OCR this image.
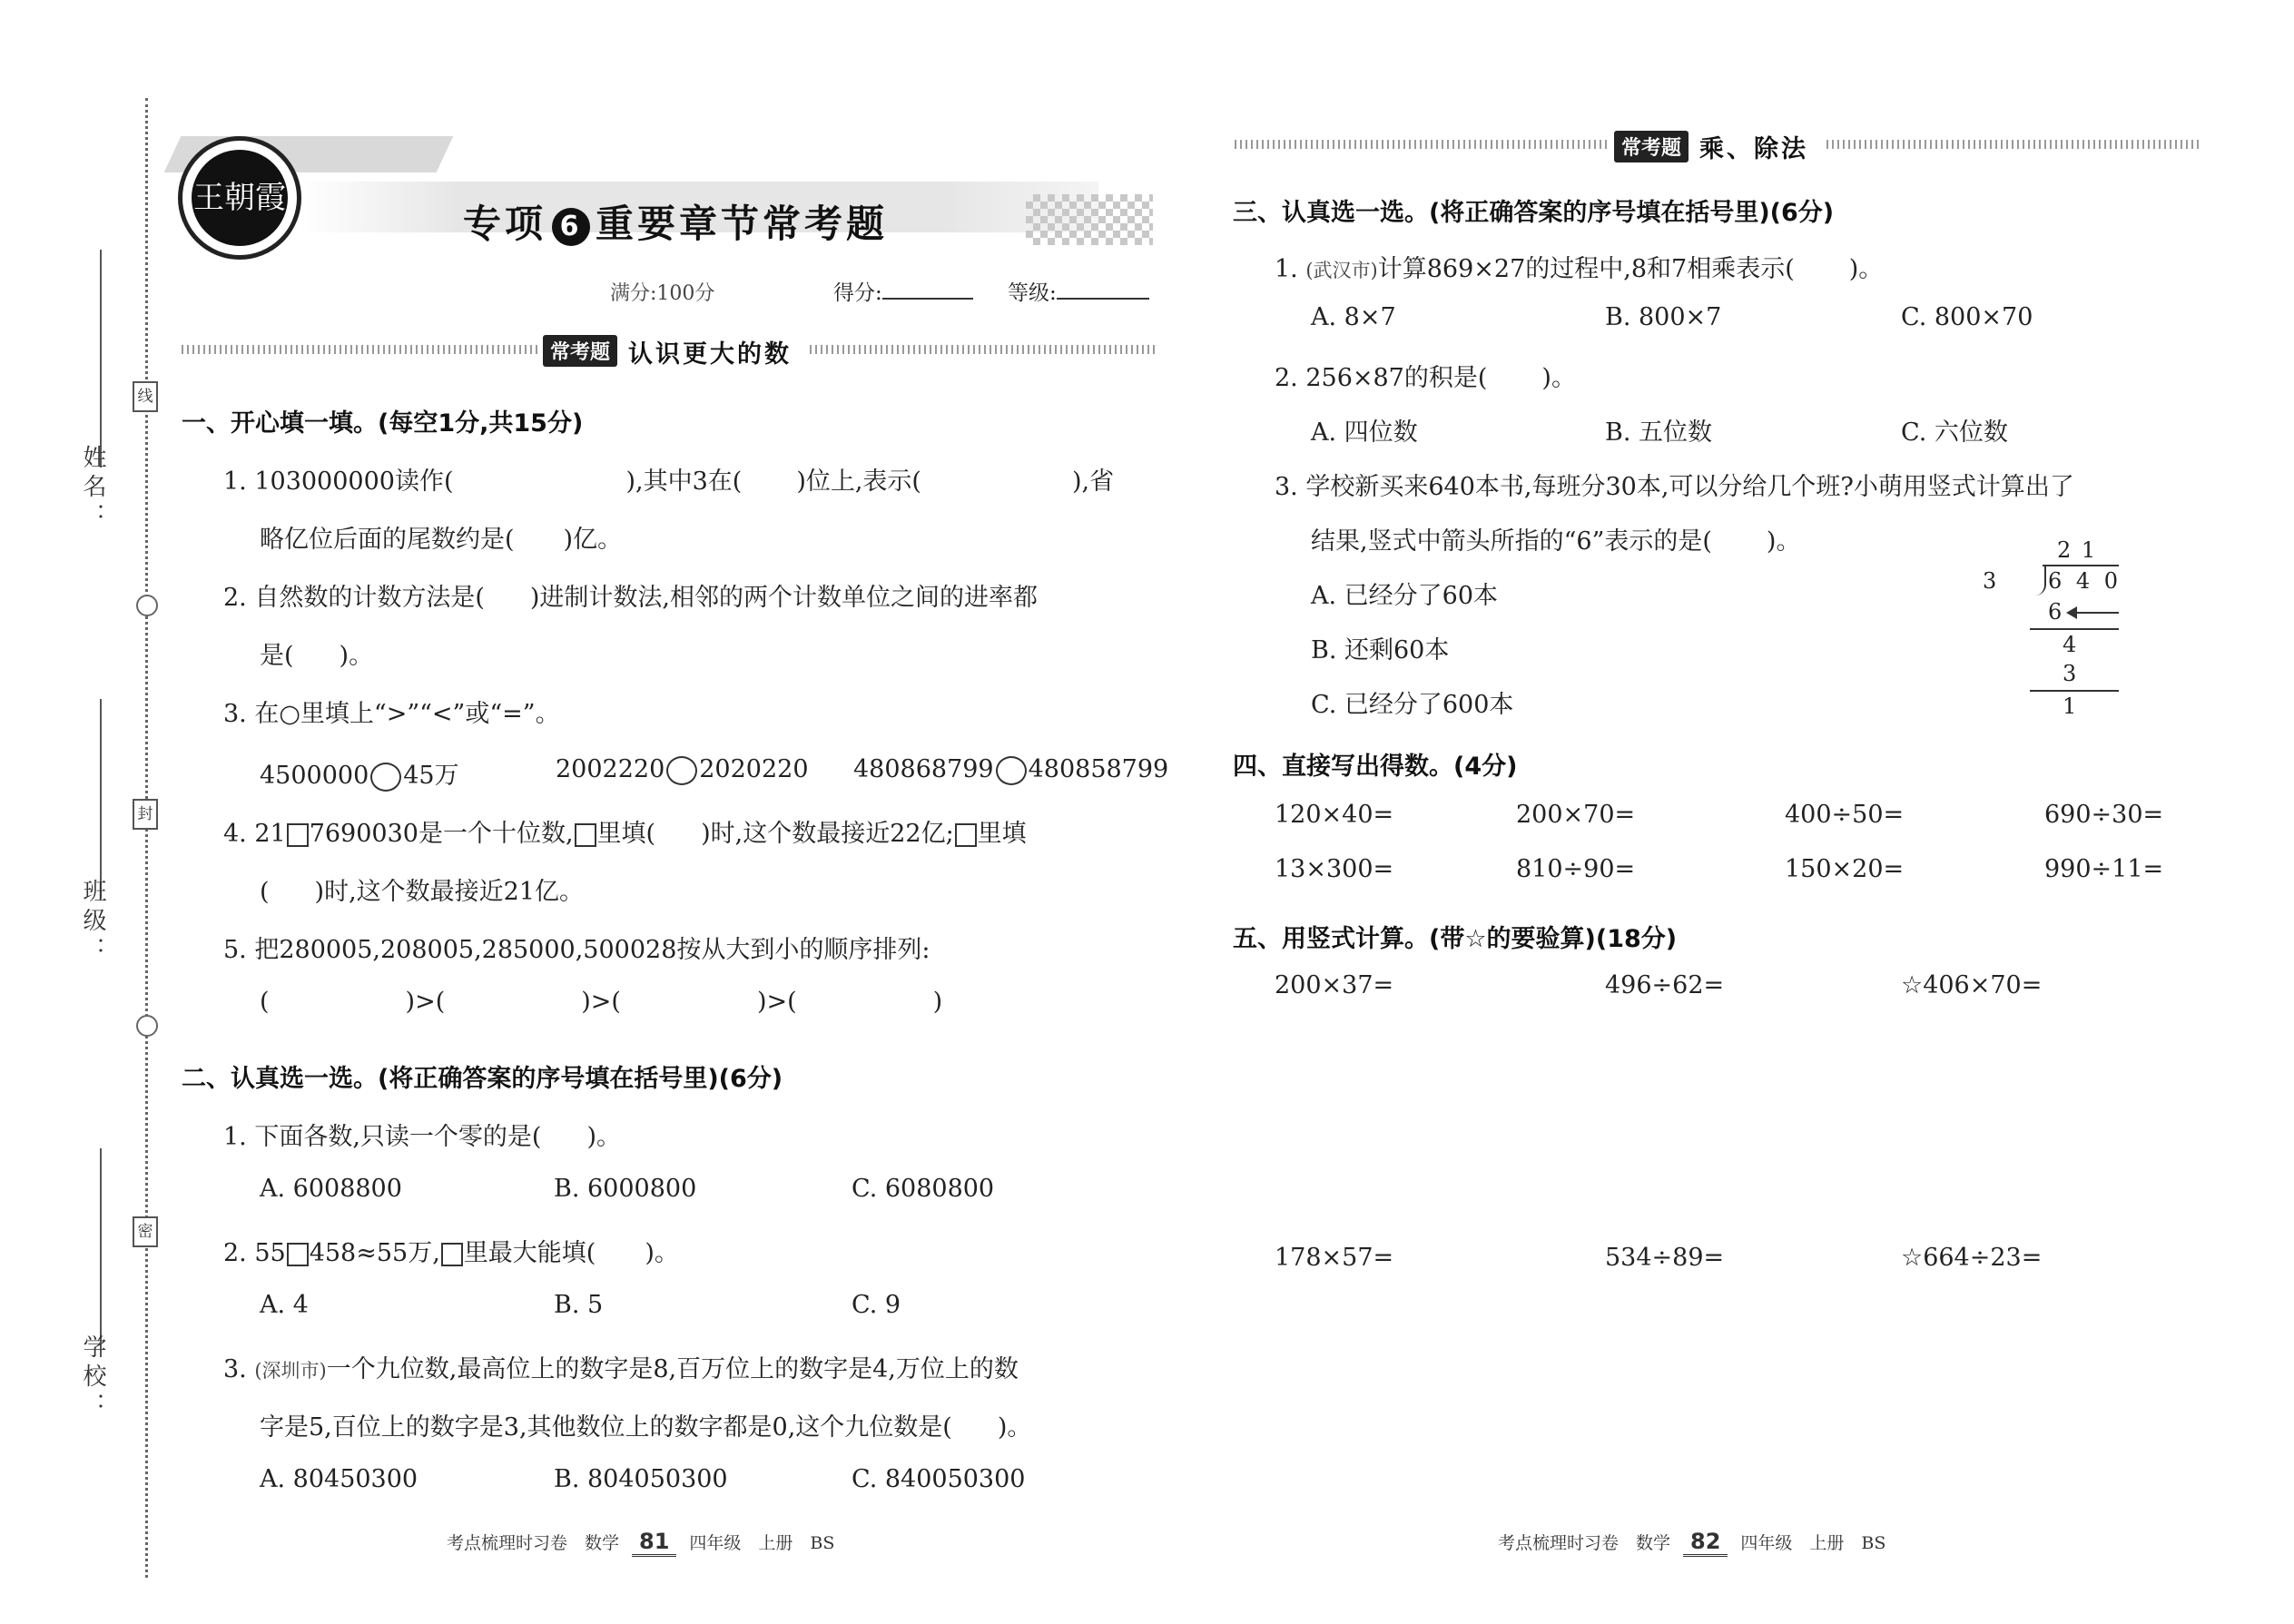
线
封
密
姓名：
班级：
学校：
王朝霞
专项 6 重要章节常考题
满分:100分	得分:	等级:
常考题 认识更大的数
一、开心填一填。(每空1分,共15分)
1. 103000000读作(	),其中3在( )位上,表示(	),省
略亿位后面的尾数约是( )亿。
2. 自然数的计数方法是( )进制计数法,相邻的两个计数单位之间的进率都
是( )。
3. 在○里填上“>”“<”或“=”。
4500000 45万	2002220 2020220 480868799 480858799
4. 21 7690030是一个十位数, 里填( )时,这个数最接近22亿; 里填
( )时,这个数最接近21亿。
5. 把280005,208005,285000,500028按从大到小的顺序排列:
(	)>(	)>(	)>(	)
二、认真选一选。(将正确答案的序号填在括号里)(6分)
1. 下面各数,只读一个零的是( )。
A. 6008800	B. 6000800	C. 6080800
2. 55 458≈55万, 里最大能填( )。
A. 4	B. 5	C. 9
3. (深圳市)一个九位数,最高位上的数字是8,百万位上的数字是4,万位上的数
字是5,百位上的数字是3,其他数位上的数字都是0,这个九位数是( )。
A. 80450300	B. 804050300	C. 840050300
考点梳理时习卷　数学 81 四年级　上册　BS
常考题 乘、除法
三、认真选一选。(将正确答案的序号填在括号里)(6分)
1. (武汉市)计算869×27的过程中,8和7相乘表示( )。
A. 8×7	B. 800×7	C. 800×70
2. 256×87的积是( )。
A. 四位数	B. 五位数	C. 六位数
3. 学校新买来640本书,每班分30本,可以分给几个班?小萌用竖式计算出了
结果,竖式中箭头所指的“6”表示的是( )。
A. 已经分了60本
B. 还剩60本
C. 已经分了600本
2 1
3 6 4 0
6
4
3
1
四、直接写出得数。(4分)
120×40=	200×70=	400÷50=	690÷30=
13×300=	810÷90=	150×20=	990÷11=
五、用竖式计算。(带☆的要验算)(18分)
200×37=	496÷62=	☆406×70=
178×57=	534÷89=	☆664÷23=
考点梳理时习卷　数学 82 四年级　上册　BS
